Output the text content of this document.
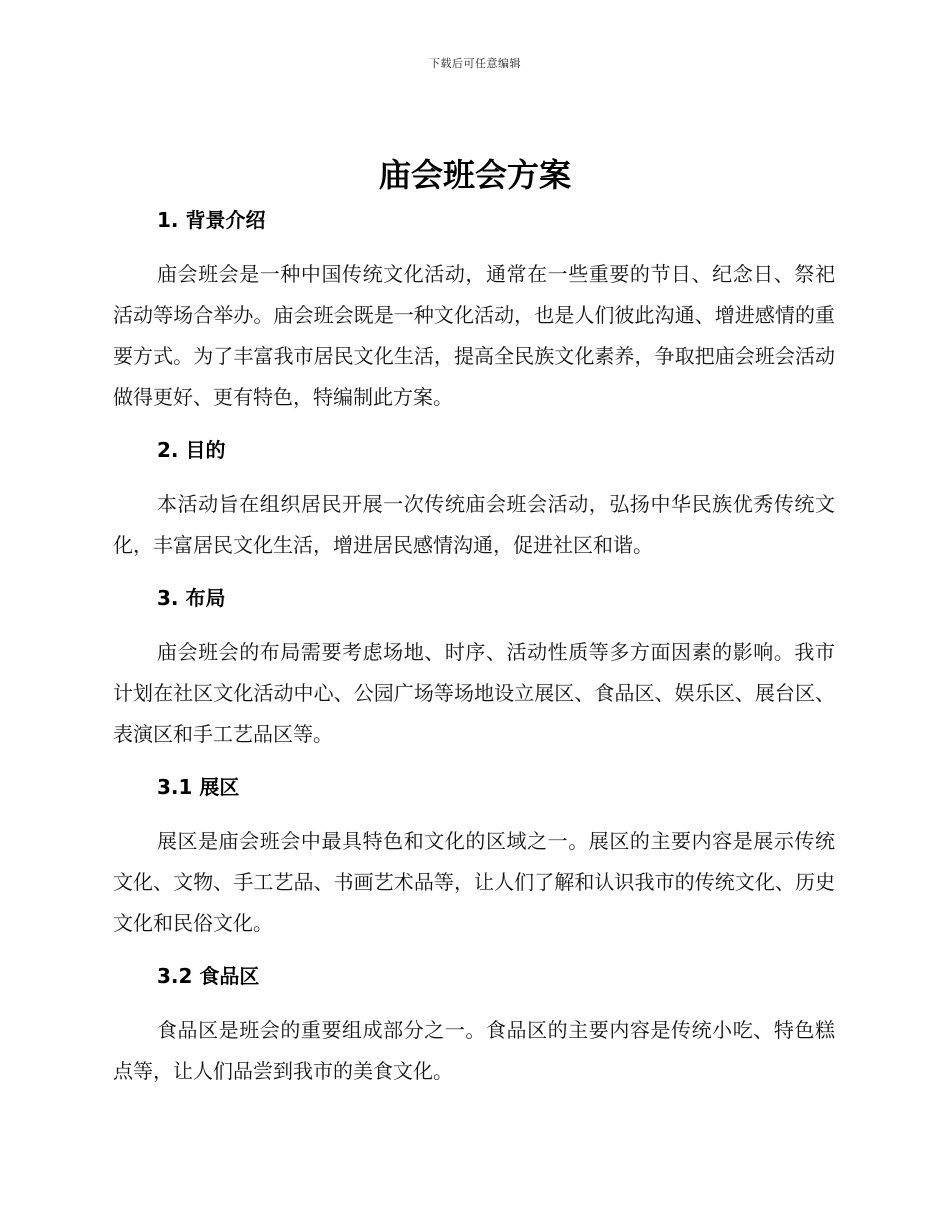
下载后可任意编辑
庙会班会方案
1. 背景介绍

庙会班会是一种中国传统文化活动，通常在一些重要的节日、纪念日、祭祀活动等场合举办。庙会班会既是一种文化活动，也是人们彼此沟通、增进感情的重要方式。为了丰富我市居民文化生活，提高全民族文化素养，争取把庙会班会活动做得更好、更有特色，特编制此方案。

2. 目的

本活动旨在组织居民开展一次传统庙会班会活动，弘扬中华民族优秀传统文化，丰富居民文化生活，增进居民感情沟通，促进社区和谐。

3. 布局

庙会班会的布局需要考虑场地、时序、活动性质等多方面因素的影响。我市计划在社区文化活动中心、公园广场等场地设立展区、食品区、娱乐区、展台区、表演区和手工艺品区等。

3.1 展区

展区是庙会班会中最具特色和文化的区域之一。展区的主要内容是展示传统文化、文物、手工艺品、书画艺术品等，让人们了解和认识我市的传统文化、历史文化和民俗文化。

3.2 食品区

食品区是班会的重要组成部分之一。食品区的主要内容是传统小吃、特色糕点等，让人们品尝到我市的美食文化。
